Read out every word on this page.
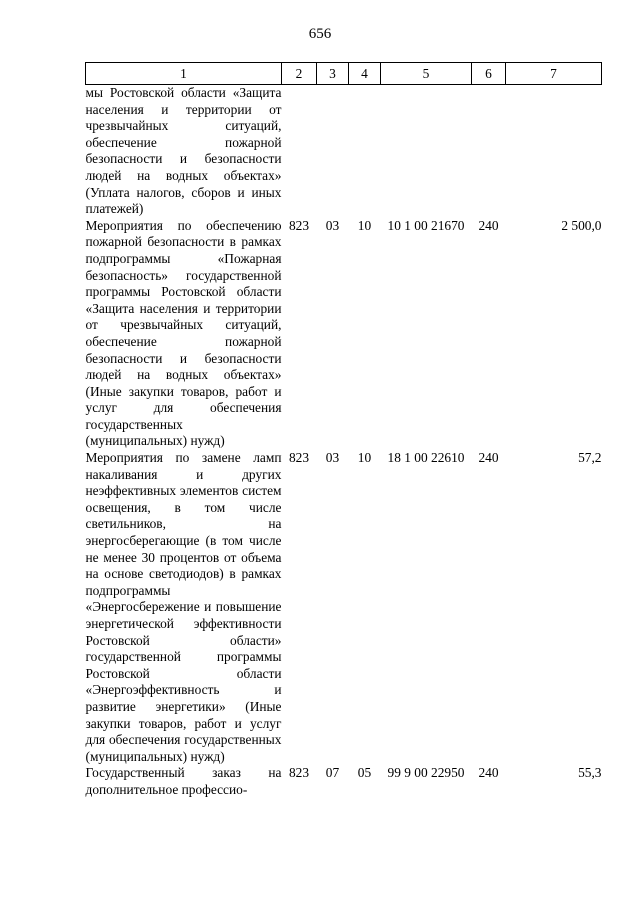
656
1	2	3	4	5	6	7
мы Ростовской области «Защита населения и территории от чрезвычайных ситуаций, обеспечение пожарной безопасности и безопасности людей на водных объектах» (Уплата налогов, сборов и иных платежей)						
Мероприятия по обеспечению пожарной безопасности в рамках подпрограммы «Пожарная безопасность» государственной программы Ростовской области «Защита населения и территории от чрезвычайных ситуаций, обеспечение пожарной безопасности и безопасности людей на водных объектах» (Иные закупки товаров, работ и услуг для обеспечения государственных (муниципальных) нужд)	823	03	10	10 1 00 21670	240	2 500,0
Мероприятия по замене ламп накаливания и других неэффективных элементов систем освещения, в том числе светильников, на энергосберегающие (в том числе не менее 30 процентов от объема на основе светодиодов) в рамках подпрограммы «Энергосбережение и повышение энергетической эффективности Ростовской области» государственной программы Ростовской области «Энергоэффективность и развитие энергетики» (Иные закупки товаров, работ и услуг для обеспечения государственных (муниципальных) нужд)	823	03	10	18 1 00 22610	240	57,2
Государственный заказ на дополнительное профессио-	823	07	05	99 9 00 22950	240	55,3
